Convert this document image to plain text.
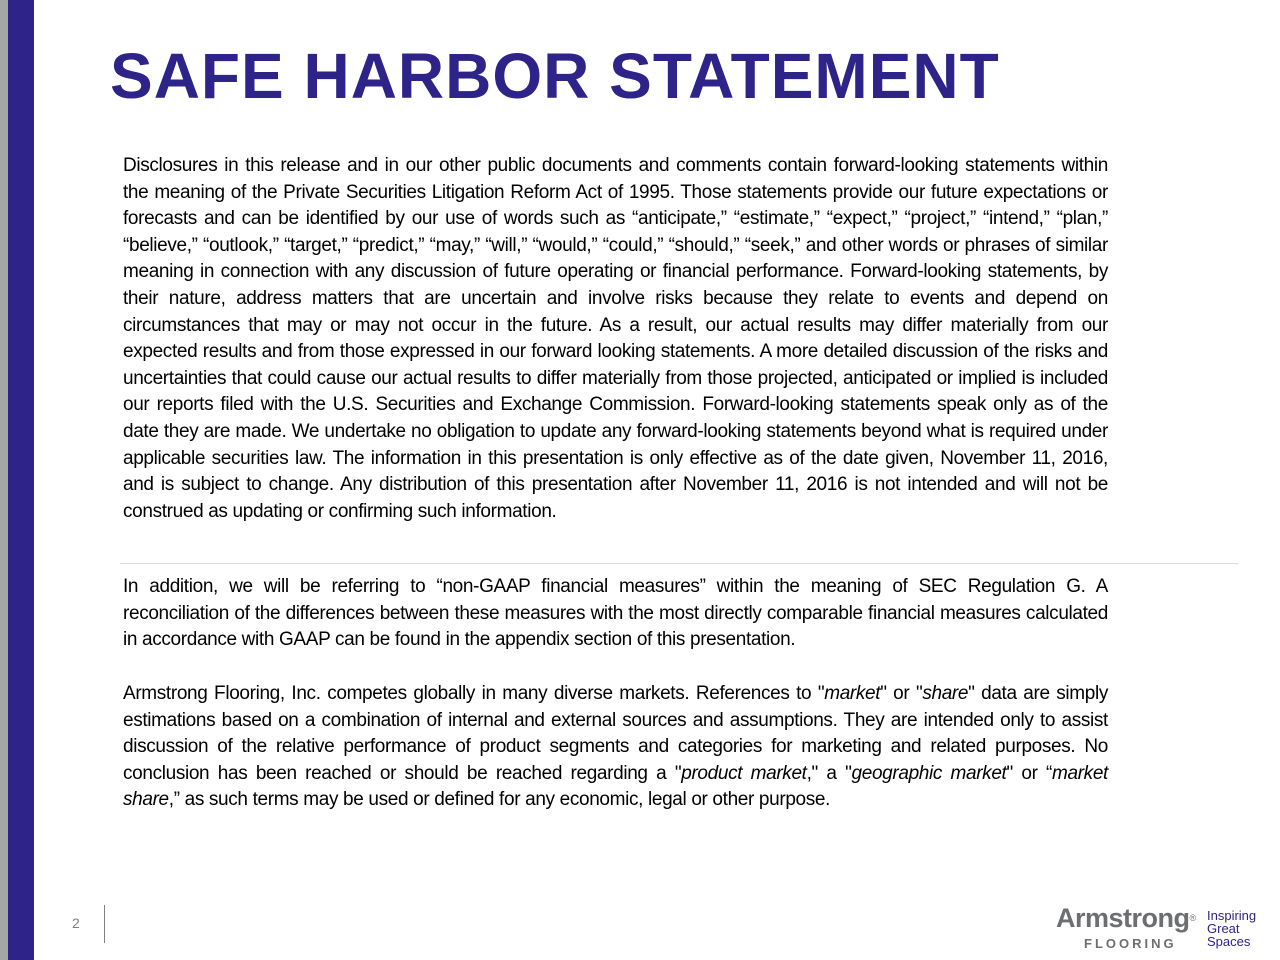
SAFE HARBOR STATEMENT

Disclosures in this release and in our other public documents and comments contain forward-looking statements within the meaning of the Private Securities Litigation Reform Act of 1995. Those statements provide our future expectations or forecasts and can be identified by our use of words such as “anticipate,” “estimate,” “expect,” “project,” “intend,” “plan,” “believe,” “outlook,” “target,” “predict,” “may,” “will,” “would,” “could,” “should,” “seek,” and other words or phrases of similar meaning in connection with any discussion of future operating or financial performance. Forward-looking statements, by their nature, address matters that are uncertain and involve risks because they relate to events and depend on circumstances that may or may not occur in the future. As a result, our actual results may differ materially from our expected results and from those expressed in our forward looking statements. A more detailed discussion of the risks and uncertainties that could cause our actual results to differ materially from those projected, anticipated or implied is included our reports filed with the U.S. Securities and Exchange Commission. Forward-looking statements speak only as of the date they are made. We undertake no obligation to update any forward-looking statements beyond what is required under applicable securities law. The information in this presentation is only effective as of the date given, November 11, 2016, and is subject to change. Any distribution of this presentation after November 11, 2016 is not intended and will not be construed as updating or confirming such information.

In addition, we will be referring to “non-GAAP financial measures” within the meaning of SEC Regulation G. A reconciliation of the differences between these measures with the most directly comparable financial measures calculated in accordance with GAAP can be found in the appendix section of this presentation.

Armstrong Flooring, Inc. competes globally in many diverse markets. References to "market" or "share" data are simply estimations based on a combination of internal and external sources and assumptions. They are intended only to assist discussion of the relative performance of product segments and categories for marketing and related purposes. No conclusion has been reached or should be reached regarding a "product market," a "geographic market" or “market share,” as such terms may be used or defined for any economic, legal or other purpose.

2	Armstrong®
FLOORING
Inspiring
Great
Spaces
